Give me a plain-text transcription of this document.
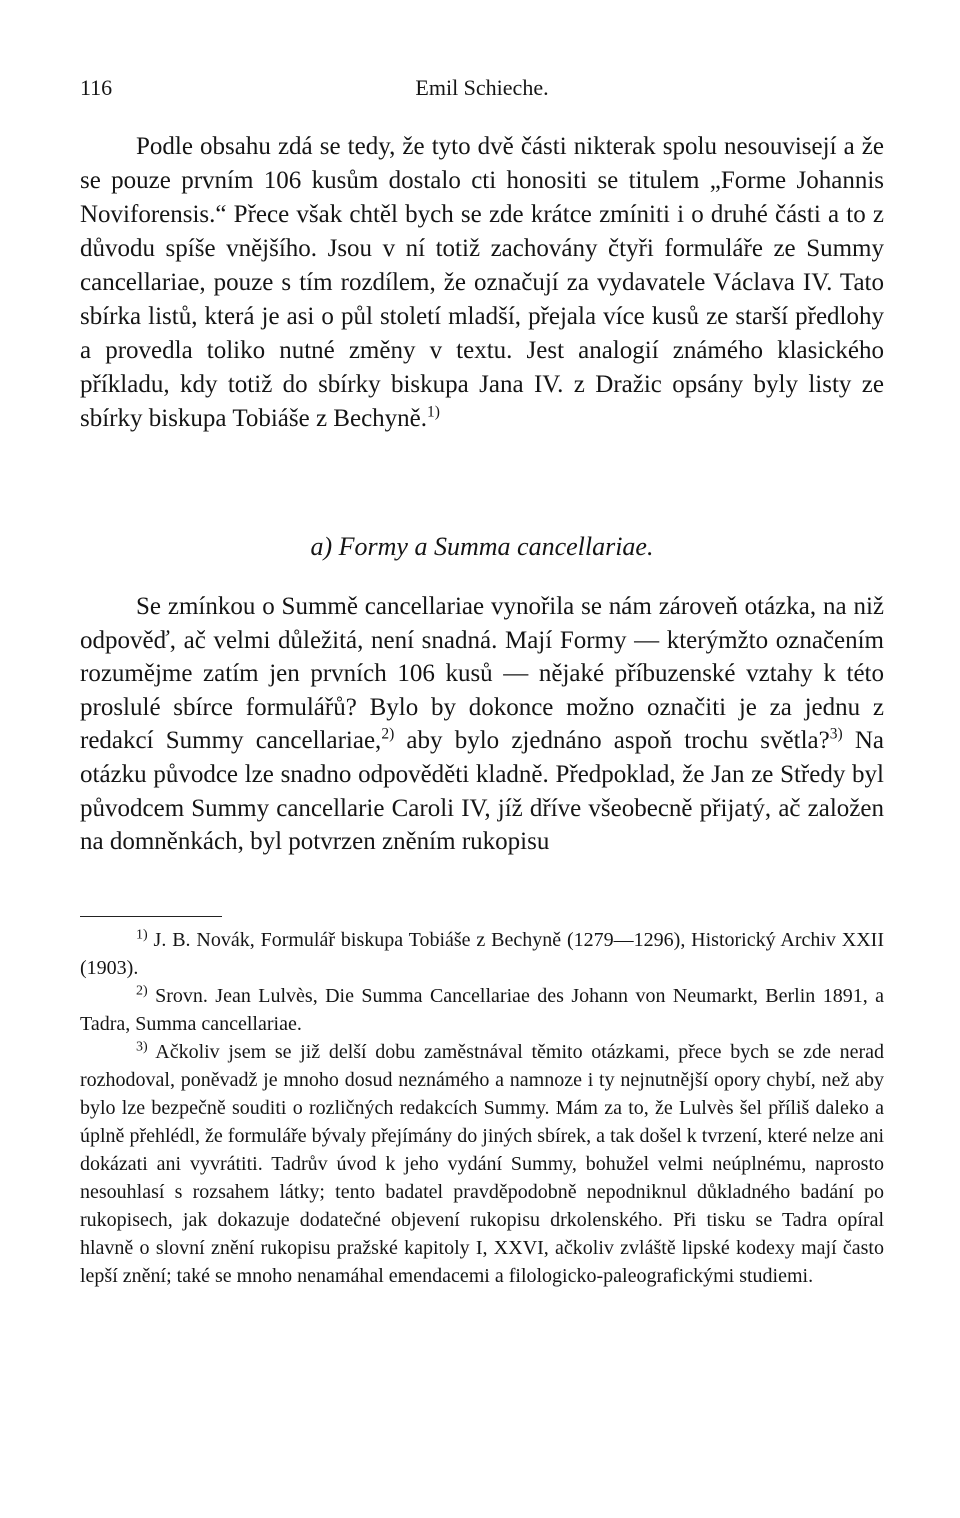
116	Emil Schieche.

Podle obsahu zdá se tedy, že tyto dvě části nikterak spolu nesouvisejí a že se pouze prvním 106 kusům dostalo cti honositi se titulem „Forme Johannis Noviforensis.“ Přece však chtěl bych se zde krátce zmíniti i o druhé části a to z důvodu spíše vnějšího. Jsou v ní totiž zachovány čtyři formuláře ze Summy cancellariae, pouze s tím rozdílem, že označují za vydavatele Václava IV. Tato sbírka listů, která je asi o půl století mladší, přejala více kusů ze starší předlohy a provedla toliko nutné změny v textu. Jest analogií známého klasického příkladu, kdy totiž do sbírky biskupa Jana IV. z Dražic opsány byly listy ze sbírky biskupa Tobiáše z Bechyně.$^{1)}$

a) Formy a Summa cancellariae.

Se zmínkou o Summě cancellariae vynořila se nám zároveň otázka, na niž odpověď, ač velmi důležitá, není snadná. Mají Formy — kterýmžto označením rozumějme zatím jen prvních 106 kusů — nějaké příbuzenské vztahy k této proslulé sbírce formulářů? Bylo by dokonce možno označiti je za jednu z redakcí Summy cancellariae,$^{2)}$ aby bylo zjednáno aspoň trochu světla?$^{3)}$ Na otázku původce lze snadno odpověděti kladně. Předpoklad, že Jan ze Středy byl původcem Summy cancellarie Caroli IV, jíž dříve všeobecně přijatý, ač založen na domněnkách, byl potvrzen zněním rukopisu

$^{1)}$ J. B. Novák, Formulář biskupa Tobiáše z Bechyně (1279—1296), Historický Archiv XXII (1903).

$^{2)}$ Srovn. Jean Lulvès, Die Summa Cancellariae des Johann von Neumarkt, Berlin 1891, a Tadra, Summa cancellariae.

$^{3)}$ Ačkoliv jsem se již delší dobu zaměstnával těmito otázkami, přece bych se zde nerad rozhodoval, poněvadž je mnoho dosud neznámého a namnoze i ty nejnutnější opory chybí, než aby bylo lze bezpečně souditi o rozličných redakcích Summy. Mám za to, že Lulvès šel příliš daleko a úplně přehlédl, že formuláře bývaly přejímány do jiných sbírek, a tak došel k tvrzení, které nelze ani dokázati ani vyvrátiti. Tadrův úvod k jeho vydání Summy, bohužel velmi neúplnému, naprosto nesouhlasí s rozsahem látky; tento badatel pravděpodobně nepodniknul důkladného badání po rukopisech, jak dokazuje dodatečné objevení rukopisu drkolenského. Při tisku se Tadra opíral hlavně o slovní znění rukopisu pražské kapitoly I, XXVI, ačkoliv zvláště lipské kodexy mají často lepší znění; také se mnoho nenamáhal emendacemi a filologicko-paleografickými studiemi.
